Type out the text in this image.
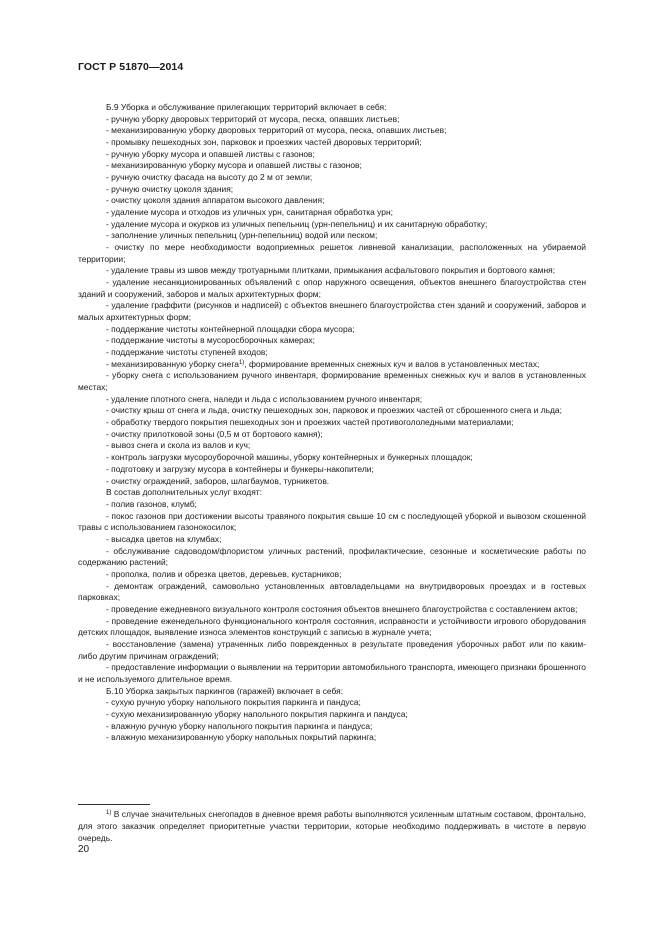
ГОСТ Р 51870—2014

Б.9 Уборка и обслуживание прилегающих территорий включает в себя:

- ручную уборку дворовых территорий от мусора, песка, опавших листьев;

- механизированную уборку дворовых территорий от мусора, песка, опавших листьев;

- промывку пешеходных зон, парковок и проезжих частей дворовых территорий;

- ручную уборку мусора и опавшей листвы с газонов;

- механизированную уборку мусора и опавшей листвы с газонов;

- ручную очистку фасада на высоту до 2 м от земли;

- ручную очистку цоколя здания;

- очистку цоколя здания аппаратом высокого давления;

- удаление мусора и отходов из уличных урн, санитарная обработка урн;

- удаление мусора и окурков из уличных пепельниц (урн-пепельниц) и их санитарную обработку;

- заполнение уличных пепельниц (урн-пепельниц) водой или песком;

- очистку по мере необходимости водоприемных решеток ливневой канализации, расположенных на убираемой территории;

- удаление травы из швов между тротуарными плитками, примыкания асфальтового покрытия и бортового камня;

- удаление несанкционированных объявлений с опор наружного освещения, объектов внешнего благоустройства стен зданий и сооружений, заборов и малых архитектурных форм;

- удаление граффити (рисунков и надписей) с объектов внешнего благоустройства стен зданий и сооружений, заборов и малых архитектурных форм;

- поддержание чистоты контейнерной площадки сбора мусора;

- поддержание чистоты в мусоросборочных камерах;

- поддержание чистоты ступеней входов;

- механизированную уборку снега$^{1)}$, формирование временных снежных куч и валов в установленных местах;

- уборку снега с использованием ручного инвентаря, формирование временных снежных куч и валов в установленных местах;

- удаление плотного снега, наледи и льда с использованием ручного инвентаря;

- очистку крыш от снега и льда, очистку пешеходных зон, парковок и проезжих частей от сброшенного снега и льда;

- обработку твердого покрытия пешеходных зон и проезжих частей противогололедными материалами;

- очистку прилотковой зоны (0,5 м от бортового камня);

- вывоз снега и скола из валов и куч;

- контроль загрузки мусороуборочной машины, уборку контейнерных и бункерных площадок;

- подготовку и загрузку мусора в контейнеры и бункеры-накопители;

- очистку ограждений, заборов, шлагбаумов, турникетов.

В состав дополнительных услуг входят:

- полив газонов, клумб;

- покос газонов при достижении высоты травяного покрытия свыше 10 см с последующей уборкой и вывозом скошенной травы с использованием газонокосилок;

- высадка цветов на клумбах;

- обслуживание садоводом/флористом уличных растений, профилактические, сезонные и косметические работы по содержанию растений;

- прополка, полив и обрезка цветов, деревьев, кустарников;

- демонтаж ограждений, самовольно установленных автовладельцами на внутридворовых проездах и в гостевых парковках;

- проведение ежедневного визуального контроля состояния объектов внешнего благоустройства с составлением актов;

- проведение еженедельного функционального контроля состояния, исправности и устойчивости игрового оборудования детских площадок, выявление износа элементов конструкций с записью в журнале учета;

- восстановление (замена) утраченных либо поврежденных в результате проведения уборочных работ или по каким-либо другим причинам ограждений;

- предоставление информации о выявлении на территории автомобильного транспорта, имеющего признаки брошенного и не используемого длительное время.

Б.10 Уборка закрытых паркингов (гаражей) включает в себя:

- сухую ручную уборку напольного покрытия паркинга и пандуса;

- сухую механизированную уборку напольного покрытия паркинга и пандуса;

- влажную ручную уборку напольного покрытия паркинга и пандуса;

- влажную механизированную уборку напольных покрытий паркинга;

$^{1)}$ В случае значительных снегопадов в дневное время работы выполняются усиленным штатным составом, фронтально, для этого заказчик определяет приоритетные участки территории, которые необходимо поддерживать в чистоте в первую очередь.

20
